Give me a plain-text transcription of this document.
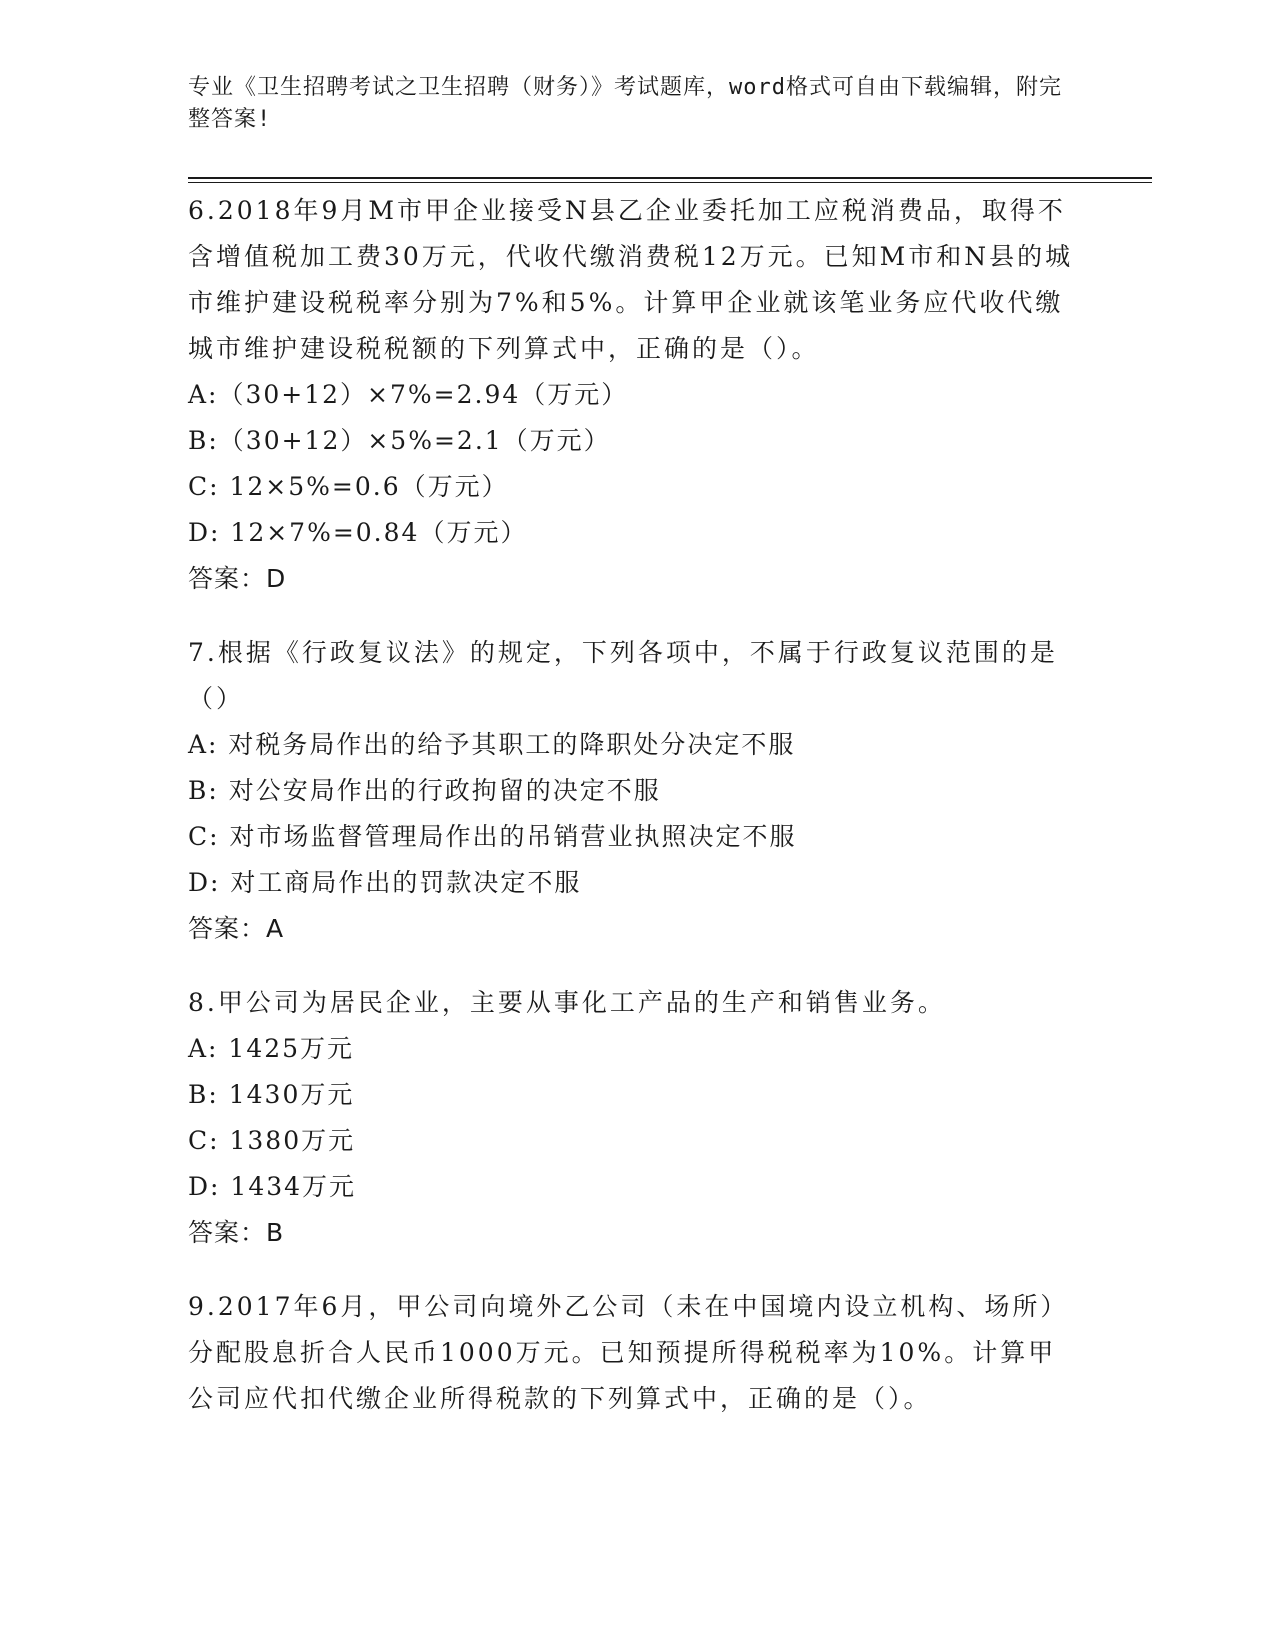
专业《卫生招聘考试之卫生招聘（财务）》考试题库，word格式可自由下载编辑，附完整答案!

6.2018年9月M市甲企业接受N县乙企业委托加工应税消费品，取得不含增值税加工费30万元，代收代缴消费税12万元。已知M市和N县的城市维护建设税税率分别为7%和5%。计算甲企业就该笔业务应代收代缴城市维护建设税税额的下列算式中，正确的是（）。

A:（30+12）×7%=2.94（万元）
B:（30+12）×5%=2.1（万元）
C: 12×5%=0.6（万元）
D: 12×7%=0.84（万元）

答案：D

7.根据《行政复议法》的规定，下列各项中，不属于行政复议范围的是（）

A: 对税务局作出的给予其职工的降职处分决定不服
B: 对公安局作出的行政拘留的决定不服
C: 对市场监督管理局作出的吊销营业执照决定不服
D: 对工商局作出的罚款决定不服

答案：A

8.甲公司为居民企业，主要从事化工产品的生产和销售业务。

A: 1425万元
B: 1430万元
C: 1380万元
D: 1434万元

答案：B

9.2017年6月，甲公司向境外乙公司（未在中国境内设立机构、场所）分配股息折合人民币1000万元。已知预提所得税税率为10%。计算甲公司应代扣代缴企业所得税款的下列算式中，正确的是（）。
